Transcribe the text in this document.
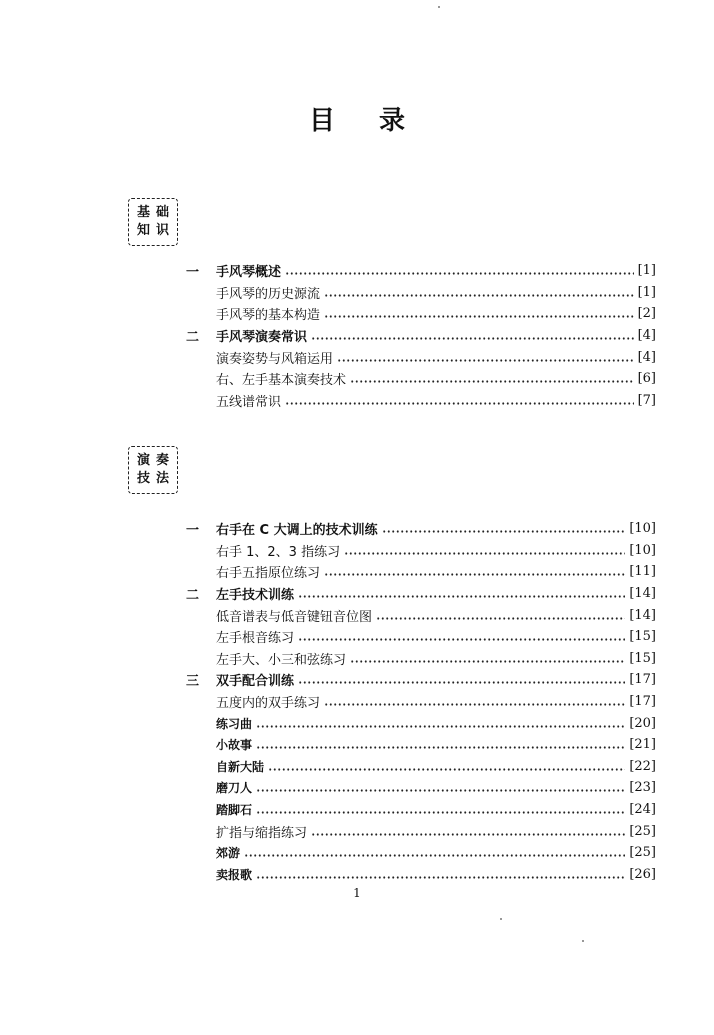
目 录
基础
知识
一	手风琴概述	[1]
手风琴的历史源流	[1]
手风琴的基本构造	[2]
二	手风琴演奏常识	[4]
演奏姿势与风箱运用	[4]
右、左手基本演奏技术	[6]
五线谱常识	[7]
演奏
技法
一	右手在 C 大调上的技术训练	[10]
右手 1、2、3 指练习	[10]
右手五指原位练习	[11]
二	左手技术训练	[14]
低音谱表与低音键钮音位图	[14]
左手根音练习	[15]
左手大、小三和弦练习	[15]
三	双手配合训练	[17]
五度内的双手练习	[17]
练习曲	[20]
小故事	[21]
自新大陆	[22]
磨刀人	[23]
踏脚石	[24]
扩指与缩指练习	[25]
郊游	[25]
卖报歌	[26]
1
